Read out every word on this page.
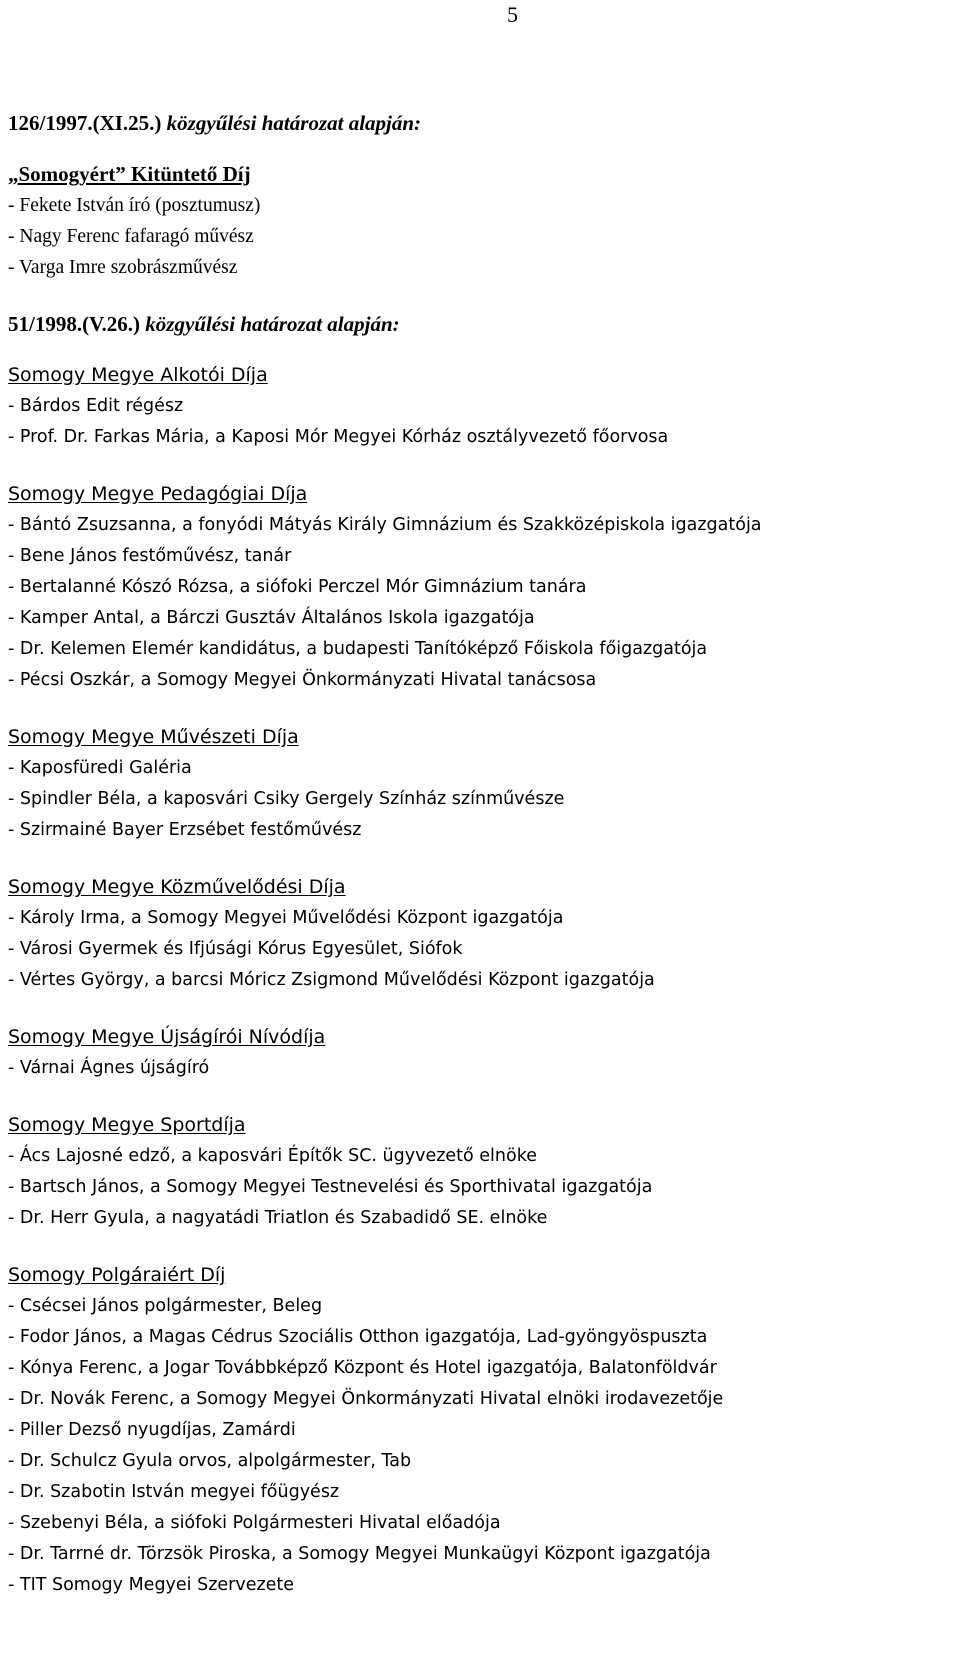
5
126/1997.(XI.25.) közgyűlési határozat alapján:
„Somogyért” Kitüntető Díj
- Fekete István író (posztumusz)
- Nagy Ferenc fafaragó művész
- Varga Imre szobrászművész
51/1998.(V.26.) közgyűlési határozat alapján:
Somogy Megye Alkotói Díja
- Bárdos Edit régész
- Prof. Dr. Farkas Mária, a Kaposi Mór Megyei Kórház osztályvezető főorvosa
Somogy Megye Pedagógiai Díja
- Bántó Zsuzsanna, a fonyódi Mátyás Király Gimnázium és Szakközépiskola igazgatója
- Bene János festőművész, tanár
- Bertalanné Kószó Rózsa, a siófoki Perczel Mór Gimnázium tanára
- Kamper Antal, a Bárczi Gusztáv Általános Iskola igazgatója
- Dr. Kelemen Elemér kandidátus, a budapesti Tanítóképző Főiskola főigazgatója
- Pécsi Oszkár, a Somogy Megyei Önkormányzati Hivatal tanácsosa
Somogy Megye Művészeti Díja
- Kaposfüredi Galéria
- Spindler Béla, a kaposvári Csiky Gergely Színház színművésze
- Szirmainé Bayer Erzsébet festőművész
Somogy Megye Közművelődési Díja
- Károly Irma, a Somogy Megyei Művelődési Központ igazgatója
- Városi Gyermek és Ifjúsági Kórus Egyesület, Siófok
- Vértes György, a barcsi Móricz Zsigmond Művelődési Központ igazgatója
Somogy Megye Újságírói Nívódíja
- Várnai Ágnes újságíró
Somogy Megye Sportdíja
- Ács Lajosné edző, a kaposvári Építők SC. ügyvezető elnöke
- Bartsch János, a Somogy Megyei Testnevelési és Sporthivatal igazgatója
- Dr. Herr Gyula, a nagyatádi Triatlon és Szabadidő SE. elnöke
Somogy Polgáraiért Díj
- Csécsei János polgármester, Beleg
- Fodor János, a Magas Cédrus Szociális Otthon igazgatója, Lad-gyöngyöspuszta
- Kónya Ferenc, a Jogar Továbbképző Központ és Hotel igazgatója, Balatonföldvár
- Dr. Novák Ferenc, a Somogy Megyei Önkormányzati Hivatal elnöki irodavezetője
- Piller Dezső nyugdíjas, Zamárdi
- Dr. Schulcz Gyula orvos, alpolgármester, Tab
- Dr. Szabotin István megyei főügyész
- Szebenyi Béla, a siófoki Polgármesteri Hivatal előadója
- Dr. Tarrné dr. Törzsök Piroska, a Somogy Megyei Munkaügyi Központ igazgatója
- TIT Somogy Megyei Szervezete
